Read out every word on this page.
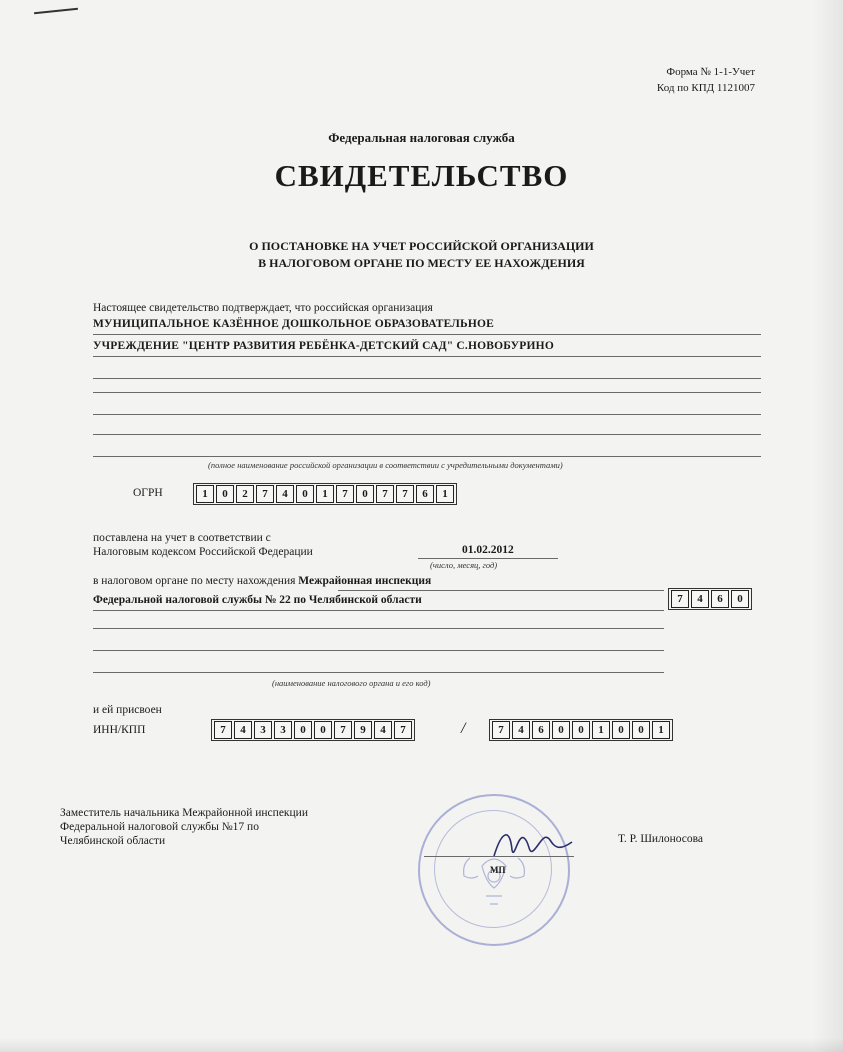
Форма № 1-1-Учет
Код по КПД 1121007
Федеральная налоговая служба
СВИДЕТЕЛЬСТВО
О ПОСТАНОВКЕ НА УЧЕТ РОССИЙСКОЙ ОРГАНИЗАЦИИ
В НАЛОГОВОМ ОРГАНЕ ПО МЕСТУ ЕЕ НАХОЖДЕНИЯ
Настоящее свидетельство подтверждает, что российская организация
МУНИЦИПАЛЬНОЕ КАЗЁННОЕ ДОШКОЛЬНОЕ ОБРАЗОВАТЕЛЬНОЕ
УЧРЕЖДЕНИЕ "ЦЕНТР РАЗВИТИЯ РЕБЁНКА-ДЕТСКИЙ САД" С.НОВОБУРИНО
(полное наименование российской организации в соответствии с учредительными документами)
ОГРН	1	0	2	7	4	0	1	7	0	7	7	6	1
поставлена на учет в соответствии с
Налоговым кодексом Российской Федерации	01.02.2012
(число, месяц, год)
в налоговом органе по месту нахождения Межрайонная инспекция
Федеральной налоговой службы № 22 по Челябинской области	7	4	6	0
(наименование налогового органа и его код)
и ей присвоен
ИНН/КПП	7	4	3	3	0	0	7	9	4	7	/	7	4	6	0	0	1	0	0	1
Заместитель начальника Межрайонной инспекции
Федеральной налоговой службы №17 по
Челябинской области
МП
Т. Р. Шилоносова
